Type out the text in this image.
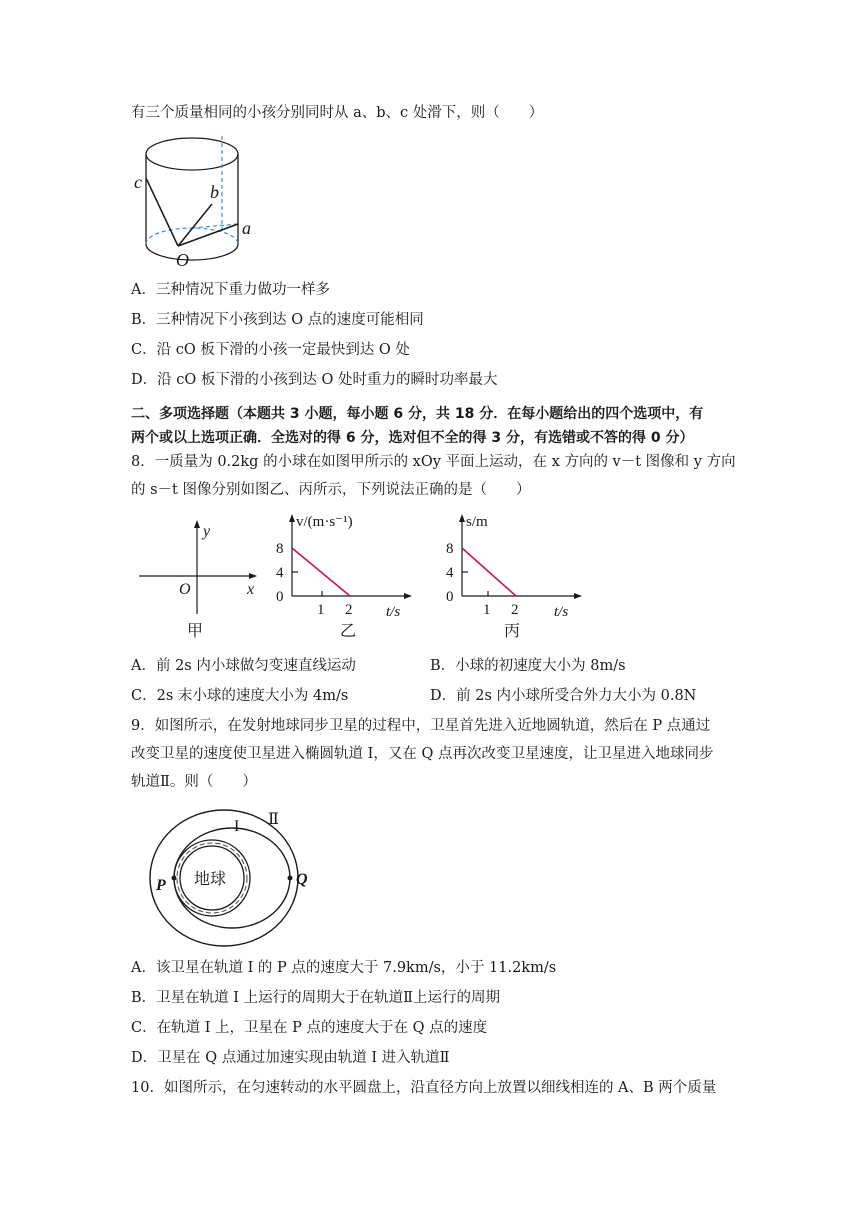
有三个质量相同的小孩分别同时从 a、b、c 处滑下，则（　　）
c	b
a
O
A．三种情况下重力做功一样多
B．三种情况下小孩到达 O 点的速度可能相同
C．沿 cO 板下滑的小孩一定最快到达 O 处
D．沿 cO 板下滑的小孩到达 O 处时重力的瞬时功率最大
二、多项选择题（本题共 3 小题，每小题 6 分，共 18 分．在每小题给出的四个选项中，有
两个或以上选项正确．全选对的得 6 分，选对但不全的得 3 分，有选错或不答的得 0 分）
8．一质量为 0.2kg 的小球在如图甲所示的 xOy 平面上运动，在 x 方向的 v－t 图像和 y 方向
的 s－t 图像分别如图乙、丙所示，下列说法正确的是（　　）
y
x
O
甲
v/(m·s⁻¹)
8
4
0
1 2 t/s
乙
s/m
8
4
0
1 2 t/s
丙
A．前 2s 内小球做匀变速直线运动	B．小球的初速度大小为 8m/s
C．2s 末小球的速度大小为 4m/s	D．前 2s 内小球所受合外力大小为 0.8N
9．如图所示，在发射地球同步卫星的过程中，卫星首先进入近地圆轨道，然后在 P 点通过
改变卫星的速度使卫星进入椭圆轨道 I，又在 Q 点再次改变卫星速度，让卫星进入地球同步
轨道Ⅱ。则（　　）
I Ⅱ
地球
P	Q
A．该卫星在轨道 I 的 P 点的速度大于 7.9km/s，小于 11.2km/s
B．卫星在轨道 I 上运行的周期大于在轨道Ⅱ上运行的周期
C．在轨道 I 上，卫星在 P 点的速度大于在 Q 点的速度
D．卫星在 Q 点通过加速实现由轨道 I 进入轨道Ⅱ
10．如图所示，在匀速转动的水平圆盘上，沿直径方向上放置以细线相连的 A、B 两个质量
